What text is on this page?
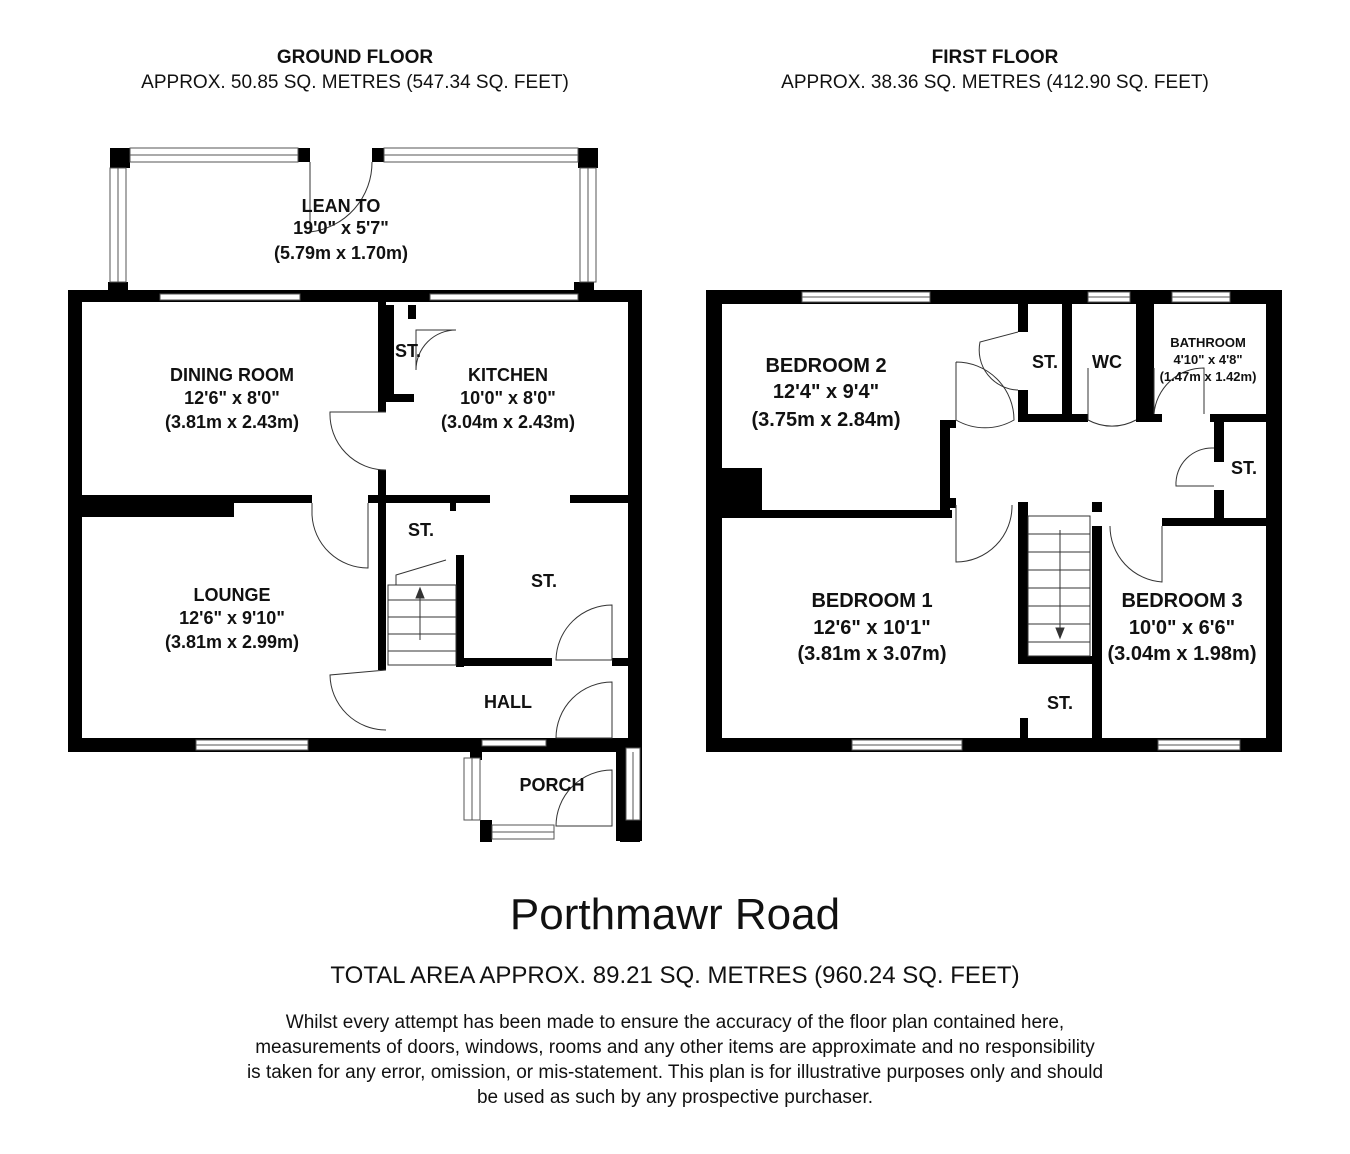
GROUND FLOOR
APPROX. 50.85 SQ. METRES (547.34 SQ. FEET)
FIRST FLOOR
APPROX. 38.36 SQ. METRES (412.90 SQ. FEET)
LEAN TO
19'0" x 5'7"
(5.79m x 1.70m)
DINING ROOM
12'6" x 8'0"
(3.81m x 2.43m)
KITCHEN
10'0" x 8'0"
(3.04m x 2.43m)
LOUNGE
12'6" x 9'10"
(3.81m x 2.99m)
ST.
ST.
ST.
HALL
PORCH
BEDROOM 2
12'4" x 9'4"
(3.75m x 2.84m)
BATHROOM
4'10" x 4'8"
(1.47m x 1.42m)
BEDROOM 1
12'6" x 10'1"
(3.81m x 3.07m)
BEDROOM 3
10'0" x 6'6"
(3.04m x 1.98m)
ST. WC
ST.
ST.
Porthmawr Road
TOTAL AREA APPROX. 89.21 SQ. METRES (960.24 SQ. FEET)
Whilst every attempt has been made to ensure the accuracy of the floor plan contained here,
measurements of doors, windows, rooms and any other items are approximate and no responsibility
is taken for any error, omission, or mis-statement. This plan is for illustrative purposes only and should
be used as such by any prospective purchaser.
